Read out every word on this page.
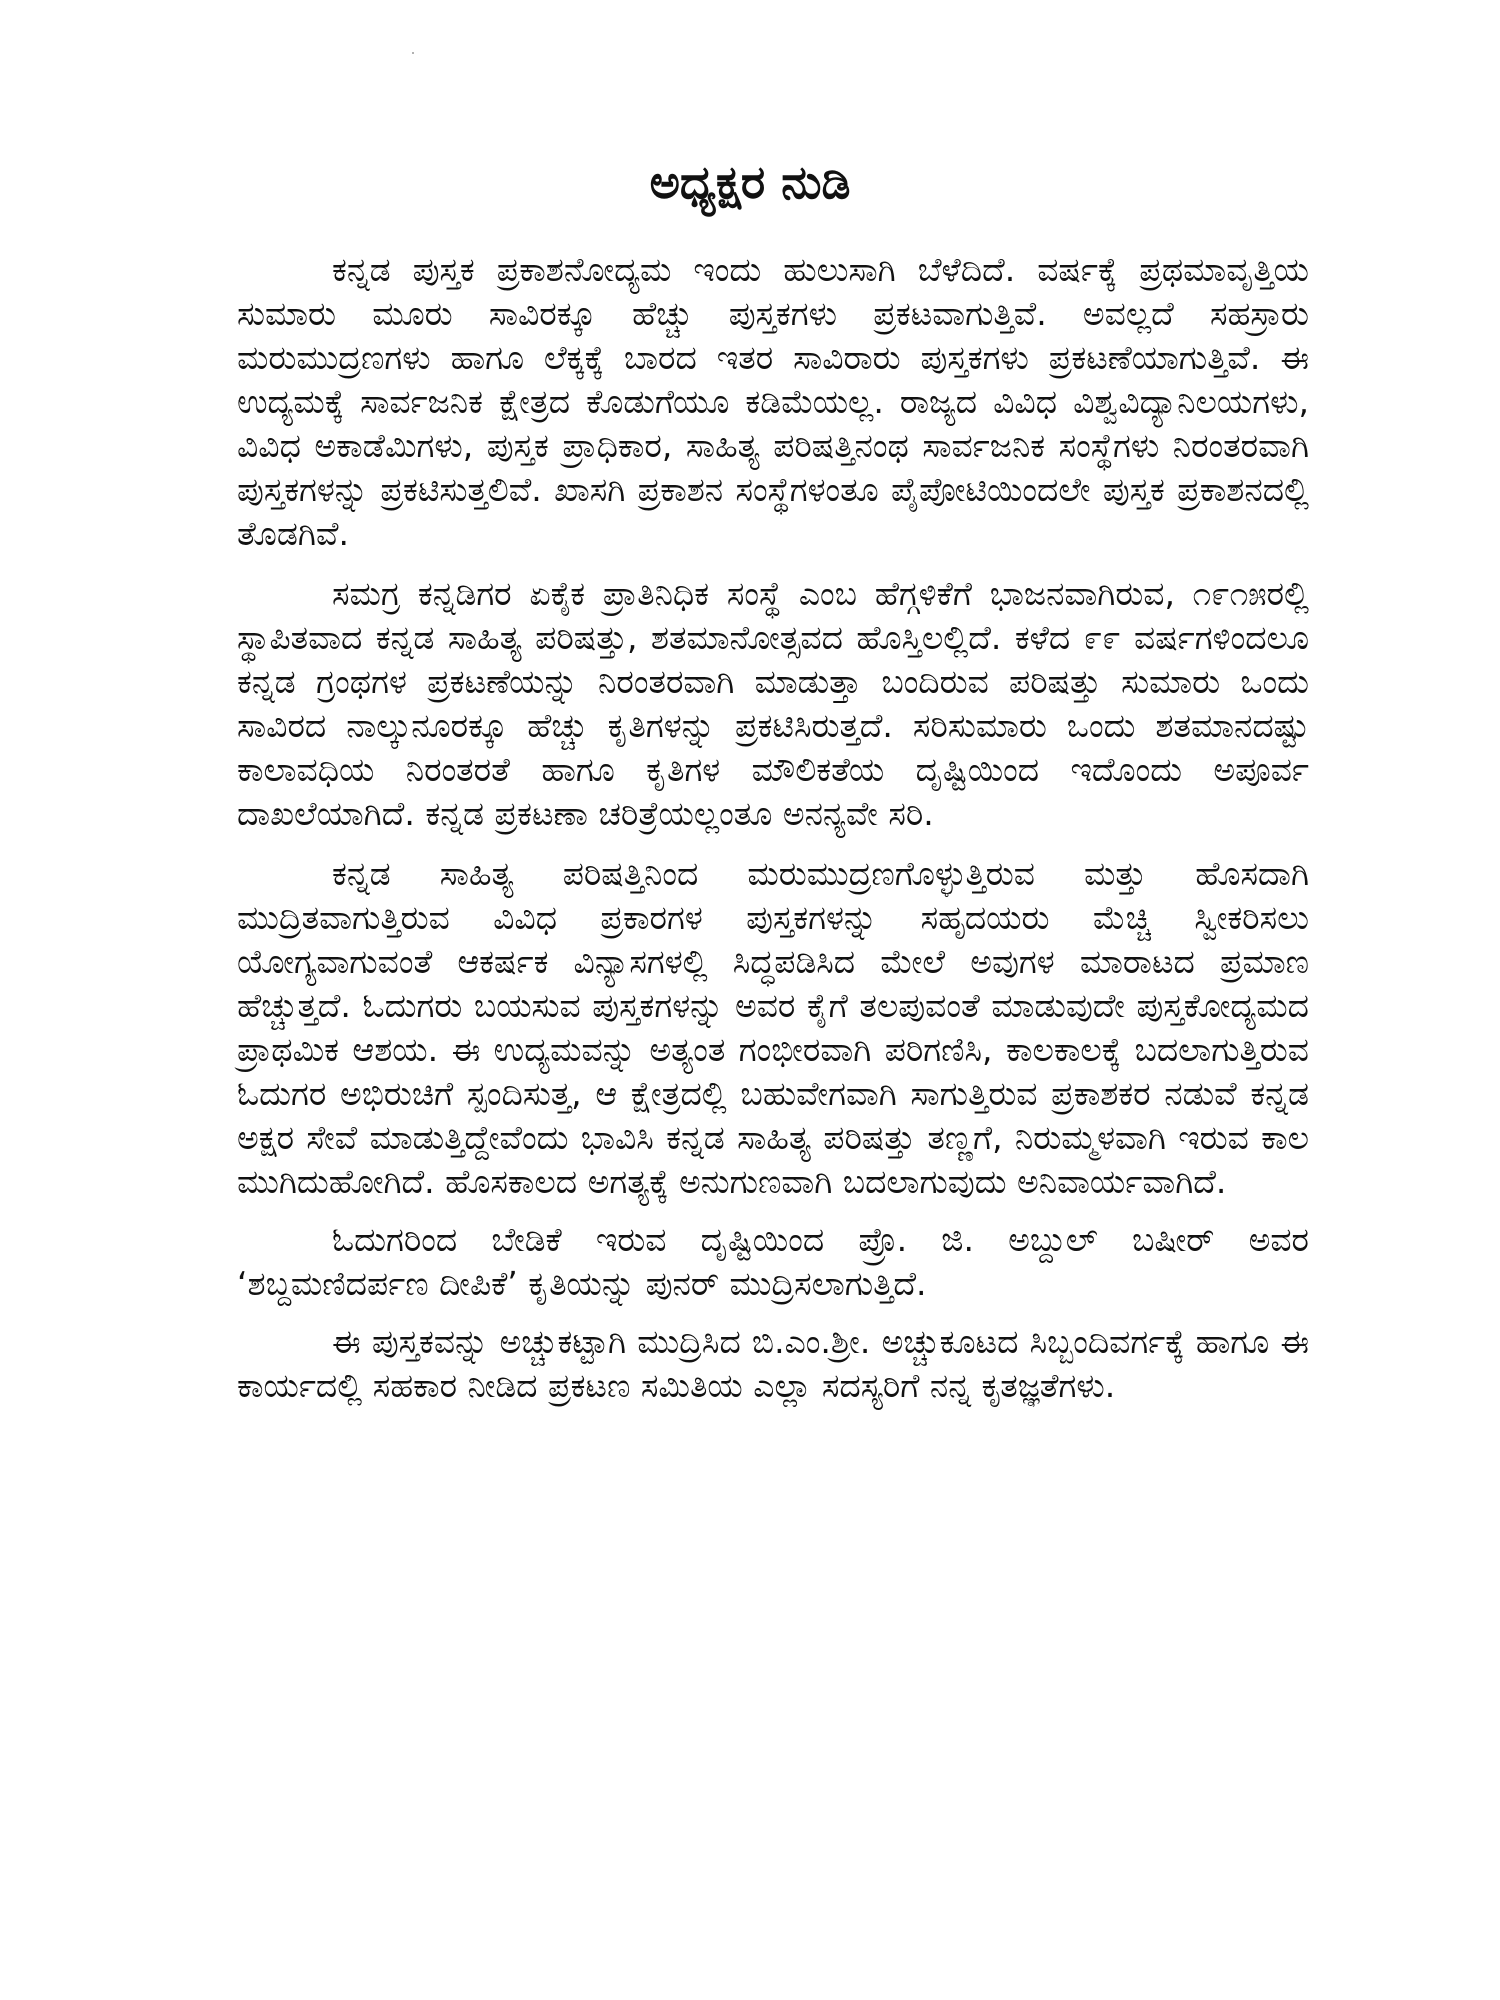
ಅಧ್ಯಕ್ಷರ ನುಡಿ

ಕನ್ನಡ ಪುಸ್ತಕ ಪ್ರಕಾಶನೋದ್ಯಮ ಇಂದು ಹುಲುಸಾಗಿ ಬೆಳೆದಿದೆ. ವರ್ಷಕ್ಕೆ ಪ್ರಥಮಾವೃತ್ತಿಯ ಸುಮಾರು ಮೂರು ಸಾವಿರಕ್ಕೂ ಹೆಚ್ಚು ಪುಸ್ತಕಗಳು ಪ್ರಕಟವಾಗುತ್ತಿವೆ. ಅವಲ್ಲದೆ ಸಹಸ್ರಾರು ಮರುಮುದ್ರಣಗಳು ಹಾಗೂ ಲೆಕ್ಕಕ್ಕೆ ಬಾರದ ಇತರ ಸಾವಿರಾರು ಪುಸ್ತಕಗಳು ಪ್ರಕಟಣೆಯಾಗುತ್ತಿವೆ. ಈ ಉದ್ಯಮಕ್ಕೆ ಸಾರ್ವಜನಿಕ ಕ್ಷೇತ್ರದ ಕೊಡುಗೆಯೂ ಕಡಿಮೆಯಲ್ಲ. ರಾಜ್ಯದ ವಿವಿಧ ವಿಶ್ವವಿದ್ಯಾನಿಲಯಗಳು, ವಿವಿಧ ಅಕಾಡೆಮಿಗಳು, ಪುಸ್ತಕ ಪ್ರಾಧಿಕಾರ, ಸಾಹಿತ್ಯ ಪರಿಷತ್ತಿನಂಥ ಸಾರ್ವಜನಿಕ ಸಂಸ್ಥೆಗಳು ನಿರಂತರವಾಗಿ ಪುಸ್ತಕಗಳನ್ನು ಪ್ರಕಟಿಸುತ್ತಲಿವೆ. ಖಾಸಗಿ ಪ್ರಕಾಶನ ಸಂಸ್ಥೆಗಳಂತೂ ಪೈಪೋಟಿಯಿಂದಲೇ ಪುಸ್ತಕ ಪ್ರಕಾಶನದಲ್ಲಿ ತೊಡಗಿವೆ.

ಸಮಗ್ರ ಕನ್ನಡಿಗರ ಏಕೈಕ ಪ್ರಾತಿನಿಧಿಕ ಸಂಸ್ಥೆ ಎಂಬ ಹೆಗ್ಗಳಿಕೆಗೆ ಭಾಜನವಾಗಿರುವ, ೧೯೧೫ರಲ್ಲಿ ಸ್ಥಾಪಿತವಾದ ಕನ್ನಡ ಸಾಹಿತ್ಯ ಪರಿಷತ್ತು, ಶತಮಾನೋತ್ಸವದ ಹೊಸ್ತಿಲಲ್ಲಿದೆ. ಕಳೆದ ೯೯ ವರ್ಷಗಳಿಂದಲೂ ಕನ್ನಡ ಗ್ರಂಥಗಳ ಪ್ರಕಟಣೆಯನ್ನು ನಿರಂತರವಾಗಿ ಮಾಡುತ್ತಾ ಬಂದಿರುವ ಪರಿಷತ್ತು ಸುಮಾರು ಒಂದು ಸಾವಿರದ ನಾಲ್ಕುನೂರಕ್ಕೂ ಹೆಚ್ಚು ಕೃತಿಗಳನ್ನು ಪ್ರಕಟಿಸಿರುತ್ತದೆ. ಸರಿಸುಮಾರು ಒಂದು ಶತಮಾನದಷ್ಟು ಕಾಲಾವಧಿಯ ನಿರಂತರತೆ ಹಾಗೂ ಕೃತಿಗಳ ಮೌಲಿಕತೆಯ ದೃಷ್ಟಿಯಿಂದ ಇದೊಂದು ಅಪೂರ್ವ ದಾಖಲೆಯಾಗಿದೆ. ಕನ್ನಡ ಪ್ರಕಟಣಾ ಚರಿತ್ರೆಯಲ್ಲಂತೂ ಅನನ್ಯವೇ ಸರಿ.

ಕನ್ನಡ ಸಾಹಿತ್ಯ ಪರಿಷತ್ತಿನಿಂದ ಮರುಮುದ್ರಣಗೊಳ್ಳುತ್ತಿರುವ ಮತ್ತು ಹೊಸದಾಗಿ ಮುದ್ರಿತವಾಗುತ್ತಿರುವ ವಿವಿಧ ಪ್ರಕಾರಗಳ ಪುಸ್ತಕಗಳನ್ನು ಸಹೃದಯರು ಮೆಚ್ಚಿ ಸ್ವೀಕರಿಸಲು ಯೋಗ್ಯವಾಗುವಂತೆ ಆಕರ್ಷಕ ವಿನ್ಯಾಸಗಳಲ್ಲಿ ಸಿದ್ಧಪಡಿಸಿದ ಮೇಲೆ ಅವುಗಳ ಮಾರಾಟದ ಪ್ರಮಾಣ ಹೆಚ್ಚುತ್ತದೆ. ಓದುಗರು ಬಯಸುವ ಪುಸ್ತಕಗಳನ್ನು ಅವರ ಕೈಗೆ ತಲಪುವಂತೆ ಮಾಡುವುದೇ ಪುಸ್ತಕೋದ್ಯಮದ ಪ್ರಾಥಮಿಕ ಆಶಯ. ಈ ಉದ್ಯಮವನ್ನು ಅತ್ಯಂತ ಗಂಭೀರವಾಗಿ ಪರಿಗಣಿಸಿ, ಕಾಲಕಾಲಕ್ಕೆ ಬದಲಾಗುತ್ತಿರುವ ಓದುಗರ ಅಭಿರುಚಿಗೆ ಸ್ಪಂದಿಸುತ್ತ, ಆ ಕ್ಷೇತ್ರದಲ್ಲಿ ಬಹುವೇಗವಾಗಿ ಸಾಗುತ್ತಿರುವ ಪ್ರಕಾಶಕರ ನಡುವೆ ಕನ್ನಡ ಅಕ್ಷರ ಸೇವೆ ಮಾಡುತ್ತಿದ್ದೇವೆಂದು ಭಾವಿಸಿ ಕನ್ನಡ ಸಾಹಿತ್ಯ ಪರಿಷತ್ತು ತಣ್ಣಗೆ, ನಿರುಮ್ಮಳವಾಗಿ ಇರುವ ಕಾಲ ಮುಗಿದುಹೋಗಿದೆ. ಹೊಸಕಾಲದ ಅಗತ್ಯಕ್ಕೆ ಅನುಗುಣವಾಗಿ ಬದಲಾಗುವುದು ಅನಿವಾರ್ಯವಾಗಿದೆ.

ಓದುಗರಿಂದ ಬೇಡಿಕೆ ಇರುವ ದೃಷ್ಟಿಯಿಂದ ಪ್ರೊ. ಜಿ. ಅಬ್ದುಲ್ ಬಷೀರ್ ಅವರ ‘ಶಬ್ದಮಣಿದರ್ಪಣ ದೀಪಿಕೆ’ ಕೃತಿಯನ್ನು ಪುನರ್ ಮುದ್ರಿಸಲಾಗುತ್ತಿದೆ.

ಈ ಪುಸ್ತಕವನ್ನು ಅಚ್ಚುಕಟ್ಟಾಗಿ ಮುದ್ರಿಸಿದ ಬಿ.ಎಂ.ಶ್ರೀ. ಅಚ್ಚುಕೂಟದ ಸಿಬ್ಬಂದಿವರ್ಗಕ್ಕೆ ಹಾಗೂ ಈ ಕಾರ್ಯದಲ್ಲಿ ಸಹಕಾರ ನೀಡಿದ ಪ್ರಕಟಣ ಸಮಿತಿಯ ಎಲ್ಲಾ ಸದಸ್ಯರಿಗೆ ನನ್ನ ಕೃತಜ್ಞತೆಗಳು.
